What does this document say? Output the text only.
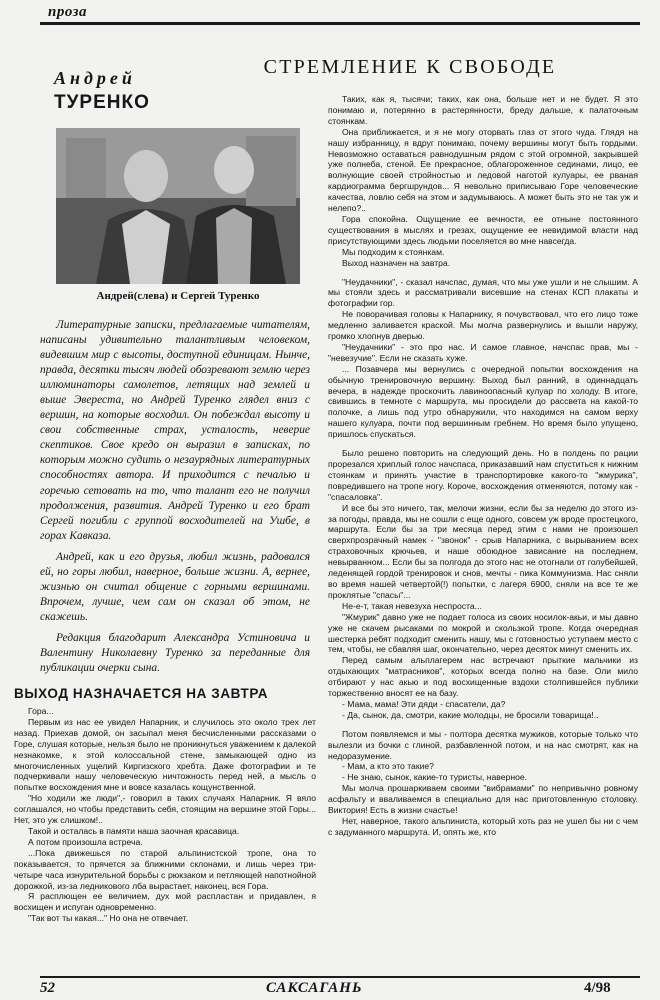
проза
СТРЕМЛЕНИЕ К СВОБОДЕ
Андрей
ТУРЕНКО
Андрей(слева) и Сергей Туренко

Литературные записки, предлагаемые читателям, написаны удивительно талантливым человеком, видевшим мир с высоты, доступной единицам. Нынче, правда, десятки тысяч людей обозревают землю через иллюминаторы самолетов, летящих над землей и выше Эвереста, но Андрей Туренко глядел вниз с вершин, на которые восходил. Он побеждал высоту и свои собственные страх, усталость, неверие скептиков. Свое кредо он выразил в записках, по которым можно судить о незаурядных литературных способностях автора. И приходится с печалью и горечью сетовать на то, что талант его не получил продолжения, развития. Андрей Туренко и его брат Сергей погибли с группой восходителей на Ушбе, в горах Кавказа.

Андрей, как и его друзья, любил жизнь, радовался ей, но горы любил, наверное, больше жизни. А, вернее, жизнью он считал общение с горными вершинами. Впрочем, лучше, чем сам он сказал об этом, не скажешь.

Редакция благодарит Александра Устиновича и Валентину Николаевну Туренко за переданные для публикации очерки сына.

ВЫХОД НАЗНАЧАЕТСЯ НА ЗАВТРА

Гора...

Первым из нас ее увидел Напарник, и случилось это около трех лет назад. Приехав домой, он засыпал меня бесчисленными рассказами о Горе, слушая которые, нельзя было не проникнуться уважением к далекой незнакомке, к этой колоссальной стене, замыкающей одно из многочисленных ущелий Киргизского хребта. Даже фотографии и те подчеркивали нашу человеческую ничтожность перед ней, а мысль о попытке восхождения мне и вовсе казалась кощунственной.

"Но ходили же люди",- говорил в таких случаях Напарник. Я вяло соглашался, но чтобы представить себя, стоящим на вершине этой Горы... Нет, это уж слишком!..

Такой и осталась в памяти наша заочная красавица.

А потом произошла встреча.

...Пока движешься по старой альпинистской тропе, она то показывается, то прячется за ближними склонами, и лишь через три-четыре часа изнурительной борьбы с рюкзаком и петляющей напотнойной дорожкой, из-за ледникового лба вырастает, наконец, вся Гора.

Я расплющен ее величием, дух мой распластан и придавлен, я восхищен и испуган одновременно.

"Так вот ты какая..." Но она не отвечает.

Таких, как я, тысячи; таких, как она, больше нет и не будет. Я это понимаю и, потерянно в растерянности, бреду дальше, к палаточным стоянкам.

Она приближается, и я не могу оторвать глаз от этого чуда. Глядя на нашу избранницу, я вдруг понимаю, почему вершины могут быть гордыми. Невозможно оставаться равнодушным рядом с этой огромной, закрывшей уже полнеба, стеной. Ее прекрасное, облагороженное сединами, лицо, ее волнующие своей стройностью и ледовой наготой кулуары, ее рваная кардиограмма бергшрундов... Я невольно приписываю Горе человеческие качества, ловлю себя на этом и задумываюсь. А может быть это не так уж и нелепо?..

Гора спокойна. Ощущение ее вечности, ее отныне постоянного существования в мыслях и грезах, ощущение ее невидимой власти над присутствующими здесь людьми поселяется во мне навсегда.

Мы подходим к стоянкам.

Выход назначен на завтра.

"Неудачники", - сказал начспас, думая, что мы уже ушли и не слышим. А мы стояли здесь и рассматривали висевшие на стенах КСП плакаты и фотографии гор.

Не поворачивая головы к Напарнику, я почувствовал, что его лицо тоже медленно заливается краской. Мы молча развернулись и вышли наружу, громко хлопнув дверью.

"Неудачники" - это про нас. И самое главное, начспас прав, мы - "невезучие". Если не сказать хуже.

... Позавчера мы вернулись с очередной попытки восхождения на обычную тренировочную вершину. Выход был ранний, в одиннадцать вечера, в надежде проскочить лавиноопасный кулуар по холоду. В итоге, свившись в темноте с маршрута, мы просидели до рассвета на какой-то полочке, а лишь под утро обнаружили, что находимся на самом верху нашего кулуара, почти под вершинным гребнем. Но время было упущено, пришлось спускаться.

Было решено повторить на следующий день. Но в полдень по рации прорезался хриплый голос начспаса, приказавший нам спуститься к нижним стоянкам и принять участие в транспортировке какого-то "жмурика", повредившего на тропе ногу. Короче, восхождения отменяются, потому как - "спасаловка".

И все бы это ничего, так, мелочи жизни, если бы за неделю до этого из-за погоды, правда, мы не сошли с еще одного, совсем уж вроде простецкого, маршрута. Если бы за три месяца перед этим с нами не произошел сверхпрозрачный намек - "звонок" - срыв Напарника, с вырыванием всех страховочных крючьев, и наше обоюдное зависание на последнем, невырванном... Если бы за полгода до этого нас не отогнали от голубейшей, леденящей гордой тренировок и снов, мечты - пика Коммунизма. Нас сняли во время нашей четвертой(!) попытки, с лагеря 6900, сняли на все те же проклятые "спасы"...

Не-е-т, такая невезуха неспроста...

"Жмурик" давно уже не подает голоса из своих носилок-акьи, и мы давно уже не скачем рысаками по мокрой и скользкой тропе. Когда очередная шестерка ребят подходит сменить нашу, мы с готовностью уступаем место с тем, чтобы, не сбавляя шаг, окончательно, через десяток минут сменить их.

Перед самым альплагерем нас встречают прыткие мальчики из отдыхающих "матрасников", которых всегда полно на базе. Оли мило отбирают у нас акью и под восхищенные вздохи столпившейся публики торжественно вносят ее на базу.

- Мама, мама! Эти дяди - спасатели, да?

- Да, сынок, да, смотри, какие молодцы, не бросили товарища!..

Потом появляемся и мы - полтора десятка мужиков, которые только что вылезли из бочки с глиной, разбавленной потом, и на нас смотрят, как на недоразумение.

- Мам, а кто это такие?

- Не знаю, сынок, какие-то туристы, наверное.

Мы молча прошаркиваем своими "вибрамами" по непривычно ровному асфальту и вваливаемся в специально для нас приготовленную столовку. Виктория! Есть в жизни счастье!

Нет, наверное, такого альпиниста, который хоть раз не ушел бы ни с чем с задуманного маршрута. И, опять же, кто

52	САКСАГАНЬ	4/98
